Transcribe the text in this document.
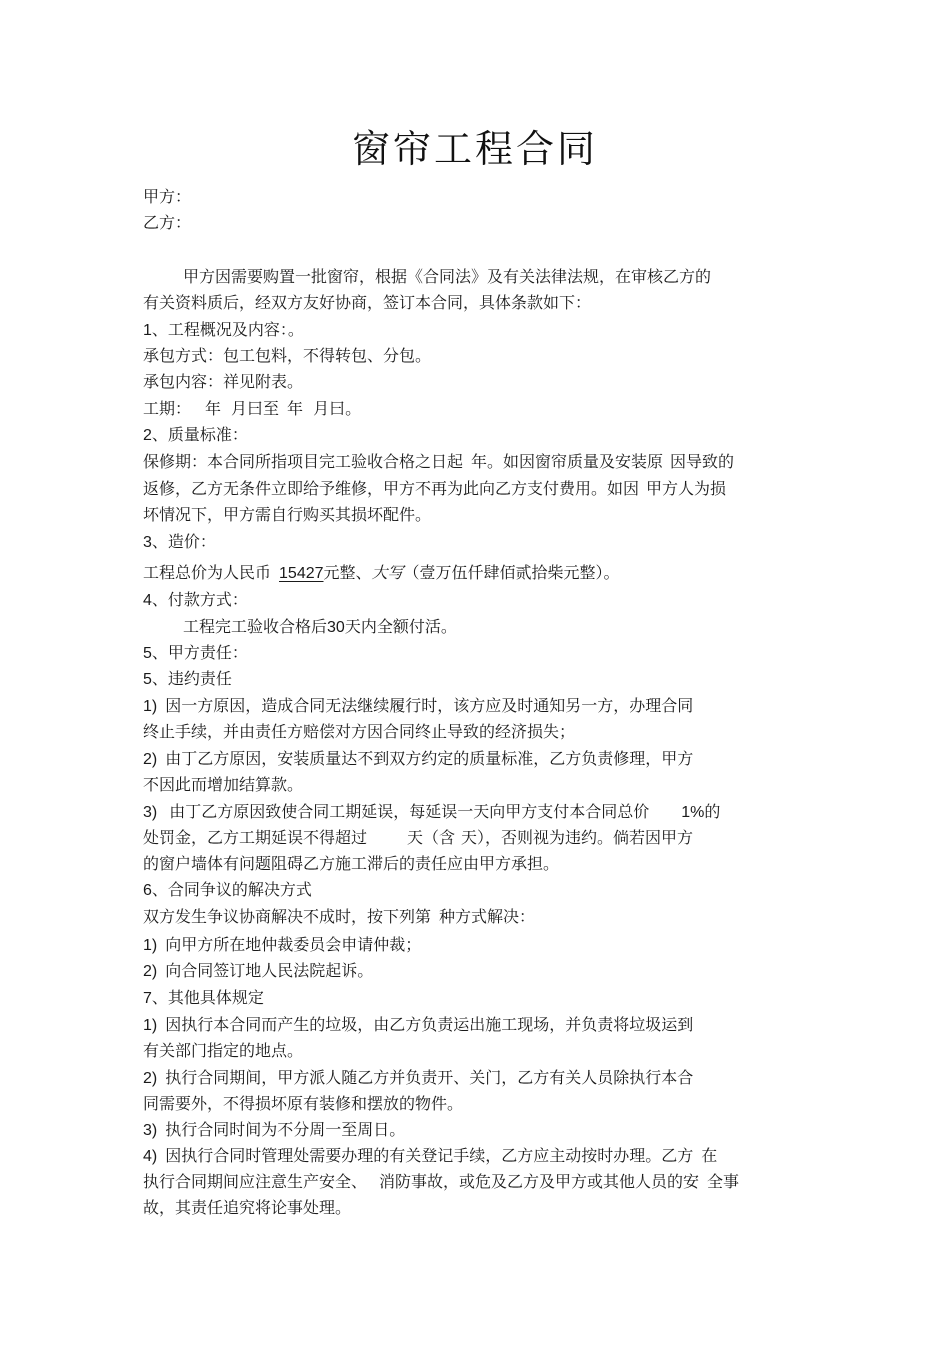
窗帘工程合同
甲方：
乙方：
甲方因需要购置一批窗帘，根据《合同法》及有关法律法规，在审核乙方的
有关资料质后，经双方友好协商，签订本合同，具体条款如下：
1、工程概况及内容：。
承包方式：包工包料，不得转包、分包。
承包内容：祥见附表。
工期： 年 月曰至 年 月曰。
2、质量标准：
保修期：本合同所指项目完工验收合格之日起 年。如因窗帘质量及安装原 因导致的
返修，乙方无条件立即给予维修，甲方不再为此向乙方支付费用。如因 甲方人为损
坏情况下，甲方需自行购买其损坏配件。
3、造价：
工程总价为人民币 15427元整、大写（壹万伍仟肆佰贰拾柴元整）。
4、付款方式：
工程完工验收合格后30天内全额付活。
5、甲方责任：
5、违约责任
1) 因一方原因，造成合同无法继续履行时，该方应及时通知另一方，办理合同
终止手续，并由责任方赔偿对方因合同终止导致的经济损失；
2) 由丁乙方原因，安装质量达不到双方约定的质量标准，乙方负责修理，甲方
不因此而增加结算款。
3) 由丁乙方原因致使合同工期延误，每延误一天向甲方支付本合同总价 1%的
处罚金，乙方工期延误不得超过	天（含 天），否则视为违约。倘若因甲方
的窗户墙体有问题阻碍乙方施工滞后的责任应由甲方承担。
6、合同争议的解决方式
双方发生争议协商解决不成时，按下列第 种方式解决：
1) 向甲方所在地仲裁委员会申请仲裁；
2) 向合同签订地人民法院起诉。
7、其他具体规定
1) 因执行本合同而产生的垃圾，由乙方负责运出施工现场，并负责将垃圾运到
有关部门指定的地点。
2) 执行合同期间，甲方派人随乙方并负责开、关门，乙方有关人员除执行本合
同需要外，不得损坏原有装修和摆放的物件。
3) 执行合同时间为不分周一至周日。
4) 因执行合同时管理处需要办理的有关登记手续，乙方应主动按时办理。乙方 在
执行合同期间应注意生产安全、 消防事故，或危及乙方及甲方或其他人员的安 全事
故，其责任追究将论事处理。
